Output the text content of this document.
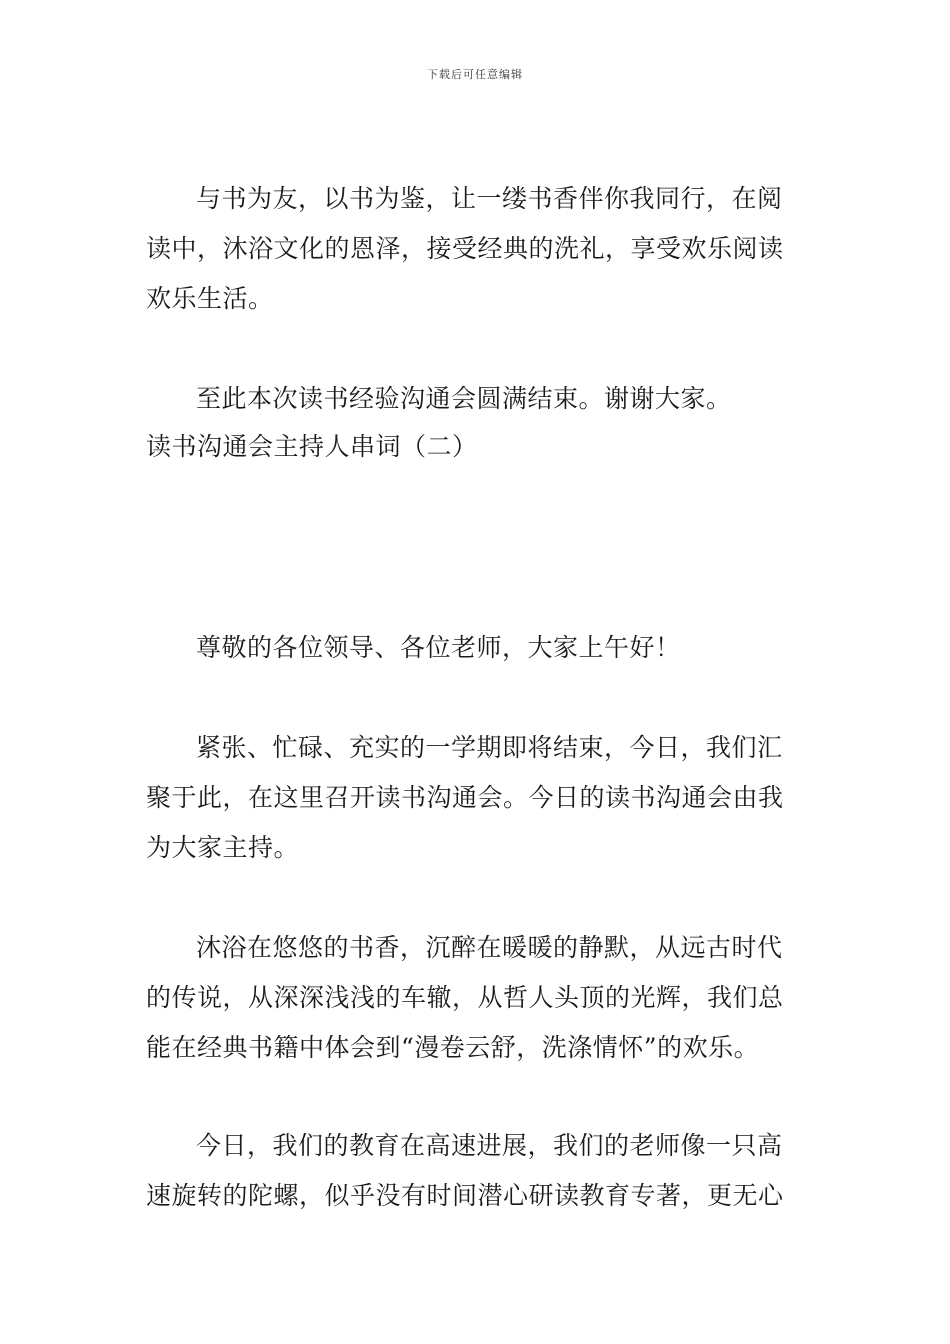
下载后可任意编辑
与书为友，以书为鉴，让一缕书香伴你我同行，在阅
读中，沐浴文化的恩泽，接受经典的洗礼，享受欢乐阅读
欢乐生活。
至此本次读书经验沟通会圆满结束。谢谢大家。
读书沟通会主持人串词（二）
尊敬的各位领导、各位老师，大家上午好！
紧张、忙碌、充实的一学期即将结束，今日，我们汇
聚于此，在这里召开读书沟通会。今日的读书沟通会由我
为大家主持。
沐浴在悠悠的书香，沉醉在暖暖的静默，从远古时代
的传说，从深深浅浅的车辙，从哲人头顶的光辉，我们总
能在经典书籍中体会到“漫卷云舒，洗涤情怀”的欢乐。
今日，我们的教育在高速进展，我们的老师像一只高
速旋转的陀螺，似乎没有时间潜心研读教育专著，更无心
